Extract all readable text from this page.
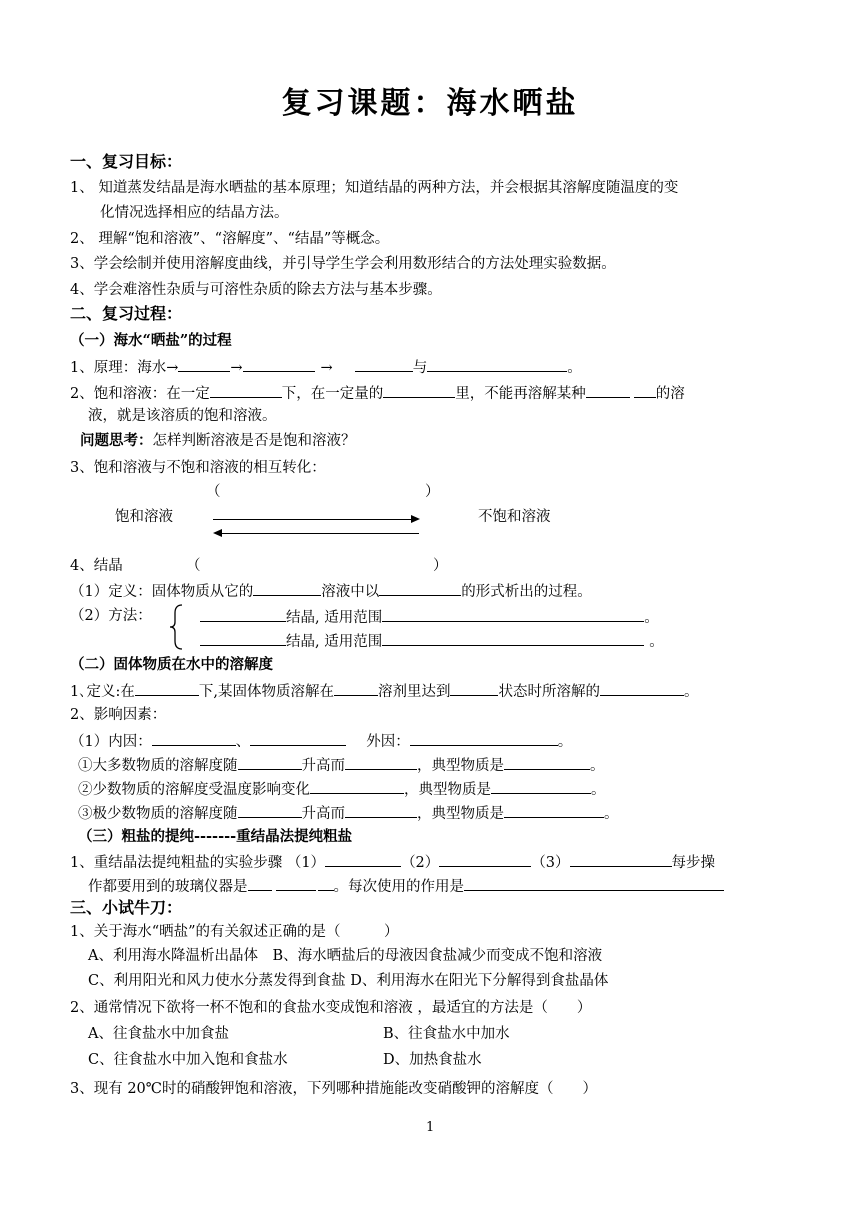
复习课题：海水晒盐
一、复习目标：
1、 知道蒸发结晶是海水晒盐的基本原理；知道结晶的两种方法，并会根据其溶解度随温度的变
化情况选择相应的结晶方法。
2、 理解“饱和溶液”、“溶解度”、“结晶”等概念。
3、学会绘制并使用溶解度曲线，并引导学生学会利用数形结合的方法处理实验数据。
4、学会难溶性杂质与可溶性杂质的除去方法与基本步骤。
二、复习过程：
（一）海水“晒盐”的过程
1、原理：海水→	→	→	与	。
2、饱和溶液：在一定	下，在一定量的	里，不能再溶解某种	的溶
液，就是该溶质的饱和溶液。
问题思考：怎样判断溶液是否是饱和溶液？
3、饱和溶液与不饱和溶液的相互转化：
（	）
饱和溶液	不饱和溶液
4、结晶	（	）
（1）定义：固体物质从它的	溶液中以	的形式析出的过程。
（2）方法：	结晶, 适用范围	。
结晶, 适用范围	。
（二）固体物质在水中的溶解度
1､定义:在	下,某固体物质溶解在	溶剂里达到	状态时所溶解的	。
2、影响因素：
（1）内因：	、	外因：	。
①大多数物质的溶解度随	升高而	，典型物质是	。
②少数物质的溶解度受温度影响变化	，典型物质是	。
③极少数物质的溶解度随	升高而	，典型物质是	。
（三）粗盐的提纯-------重结晶法提纯粗盐
1、重结晶法提纯粗盐的实验步骤 （1）	（2）	（3）	每步操
作都要用到的玻璃仪器是	。每次使用的作用是
三、小试牛刀：
1、关于海水“晒盐”的有关叙述正确的是（　　　）
A、利用海水降温析出晶体　B、海水晒盐后的母液因食盐减少而变成不饱和溶液
C、利用阳光和风力使水分蒸发得到食盐 D、利用海水在阳光下分解得到食盐晶体
2、通常情况下欲将一杯不饱和的食盐水变成饱和溶液 ，最适宜的方法是（　　）
A、往食盐水中加食盐	B、往食盐水中加水
C、往食盐水中加入饱和食盐水	D、加热食盐水
3、现有 20℃时的硝酸钾饱和溶液，下列哪种措施能改变硝酸钾的溶解度（　　）
1
